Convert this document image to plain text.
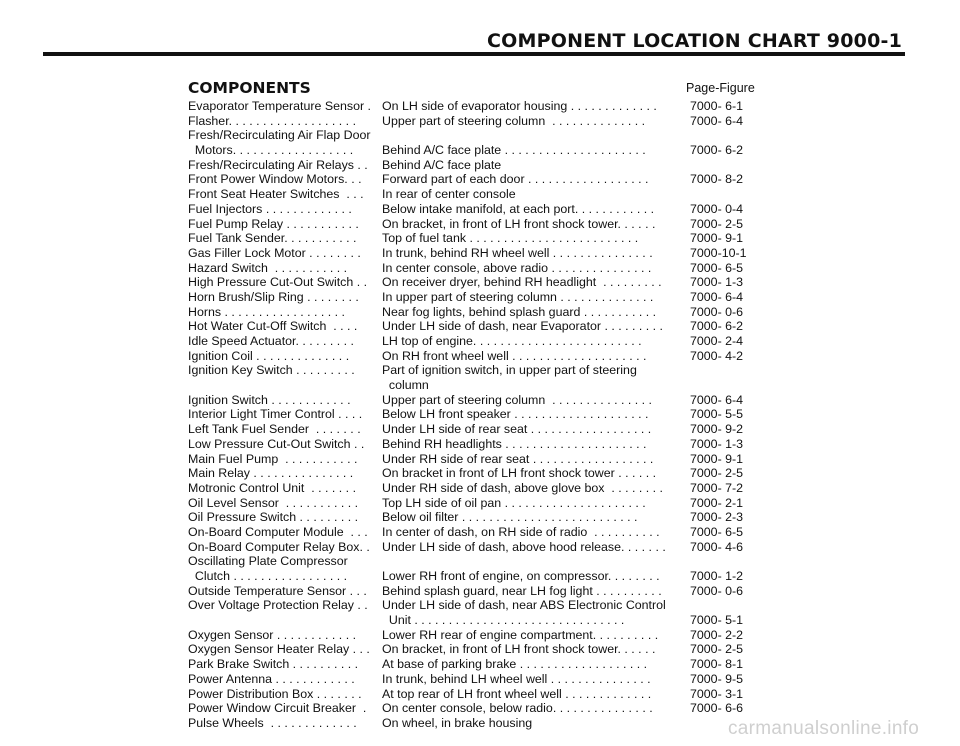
COMPONENT LOCATION CHART 9000-1
COMPONENTS	Page-Figure
Evaporator Temperature Sensor . On LH side of evaporator housing . . . . . . . . . . . . .	7000- 6-1
Flasher. . . . . . . . . . . . . . . . . . .	Upper part of steering column  . . . . . . . . . . . . . .	7000- 6-4
Fresh/Recirculating Air Flap Door
Motors. . . . . . . . . . . . . . . . . .	Behind A/C face plate . . . . . . . . . . . . . . . . . . . . .	7000- 6-2
Fresh/Recirculating Air Relays . .	Behind A/C face plate
Front Power Window Motors. . .	Forward part of each door . . . . . . . . . . . . . . . . . .	7000- 8-2
Front Seat Heater Switches  . . .	In rear of center console
Fuel Injectors . . . . . . . . . . . . .	Below intake manifold, at each port. . . . . . . . . . . .	7000- 0-4
Fuel Pump Relay . . . . . . . . . . .	On bracket, in front of LH front shock tower. . . . . .	7000- 2-5
Fuel Tank Sender. . . . . . . . . . .	Top of fuel tank . . . . . . . . . . . . . . . . . . . . . . . . .	7000- 9-1
Gas Filler Lock Motor . . . . . . . .	In trunk, behind RH wheel well . . . . . . . . . . . . . . .	7000-10-1
Hazard Switch  . . . . . . . . . . .	In center console, above radio . . . . . . . . . . . . . . .	7000- 6-5
High Pressure Cut-Out Switch . .	On receiver dryer, behind RH headlight  . . . . . . . . .	7000- 1-3
Horn Brush/Slip Ring . . . . . . . .	In upper part of steering column . . . . . . . . . . . . . .	7000- 6-4
Horns . . . . . . . . . . . . . . . . . .	Near fog lights, behind splash guard . . . . . . . . . . .	7000- 0-6
Hot Water Cut-Off Switch  . . . .	Under LH side of dash, near Evaporator . . . . . . . . .	7000- 6-2
Idle Speed Actuator. . . . . . . . .	LH top of engine. . . . . . . . . . . . . . . . . . . . . . . . .	7000- 2-4
Ignition Coil . . . . . . . . . . . . . .	On RH front wheel well . . . . . . . . . . . . . . . . . . . .	7000- 4-2
Ignition Key Switch . . . . . . . . .	Part of ignition switch, in upper part of steering
column
Ignition Switch . . . . . . . . . . . .	Upper part of steering column  . . . . . . . . . . . . . . .	7000- 6-4
Interior Light Timer Control . . . .	Below LH front speaker . . . . . . . . . . . . . . . . . . . .	7000- 5-5
Left Tank Fuel Sender  . . . . . . .	Under LH side of rear seat . . . . . . . . . . . . . . . . . .	7000- 9-2
Low Pressure Cut-Out Switch . .	Behind RH headlights . . . . . . . . . . . . . . . . . . . . .	7000- 1-3
Main Fuel Pump  . . . . . . . . . . .	Under RH side of rear seat . . . . . . . . . . . . . . . . . .	7000- 9-1
Main Relay . . . . . . . . . . . . . . .	On bracket in front of LH front shock tower . . . . . .	7000- 2-5
Motronic Control Unit  . . . . . . .	Under RH side of dash, above glove box  . . . . . . . .	7000- 7-2
Oil Level Sensor  . . . . . . . . . . .	Top LH side of oil pan . . . . . . . . . . . . . . . . . . . . .	7000- 2-1
Oil Pressure Switch . . . . . . . . .	Below oil filter . . . . . . . . . . . . . . . . . . . . . . . . . .	7000- 2-3
On-Board Computer Module  . . .	In center of dash, on RH side of radio  . . . . . . . . . .	7000- 6-5
On-Board Computer Relay Box. . Under LH side of dash, above hood release. . . . . . .	7000- 4-6
Oscillating Plate Compressor
Clutch . . . . . . . . . . . . . . . . .	Lower RH front of engine, on compressor. . . . . . . .	7000- 1-2
Outside Temperature Sensor . . .	Behind splash guard, near LH fog light . . . . . . . . . .	7000- 0-6
Over Voltage Protection Relay . .	Under LH side of dash, near ABS Electronic Control
Unit . . . . . . . . . . . . . . . . . . . . . . . . . . . . . . .	7000- 5-1
Oxygen Sensor . . . . . . . . . . . .	Lower RH rear of engine compartment. . . . . . . . . .	7000- 2-2
Oxygen Sensor Heater Relay . . . On bracket, in front of LH front shock tower. . . . . .	7000- 2-5
Park Brake Switch . . . . . . . . . .	At base of parking brake . . . . . . . . . . . . . . . . . . .	7000- 8-1
Power Antenna . . . . . . . . . . . .	In trunk, behind LH wheel well . . . . . . . . . . . . . . .	7000- 9-5
Power Distribution Box . . . . . . .	At top rear of LH front wheel well . . . . . . . . . . . . .	7000- 3-1
Power Window Circuit Breaker  .	On center console, below radio. . . . . . . . . . . . . . .	7000- 6-6
Pulse Wheels  . . . . . . . . . . . . .	On wheel, in brake housing	carmanualsonline.info
